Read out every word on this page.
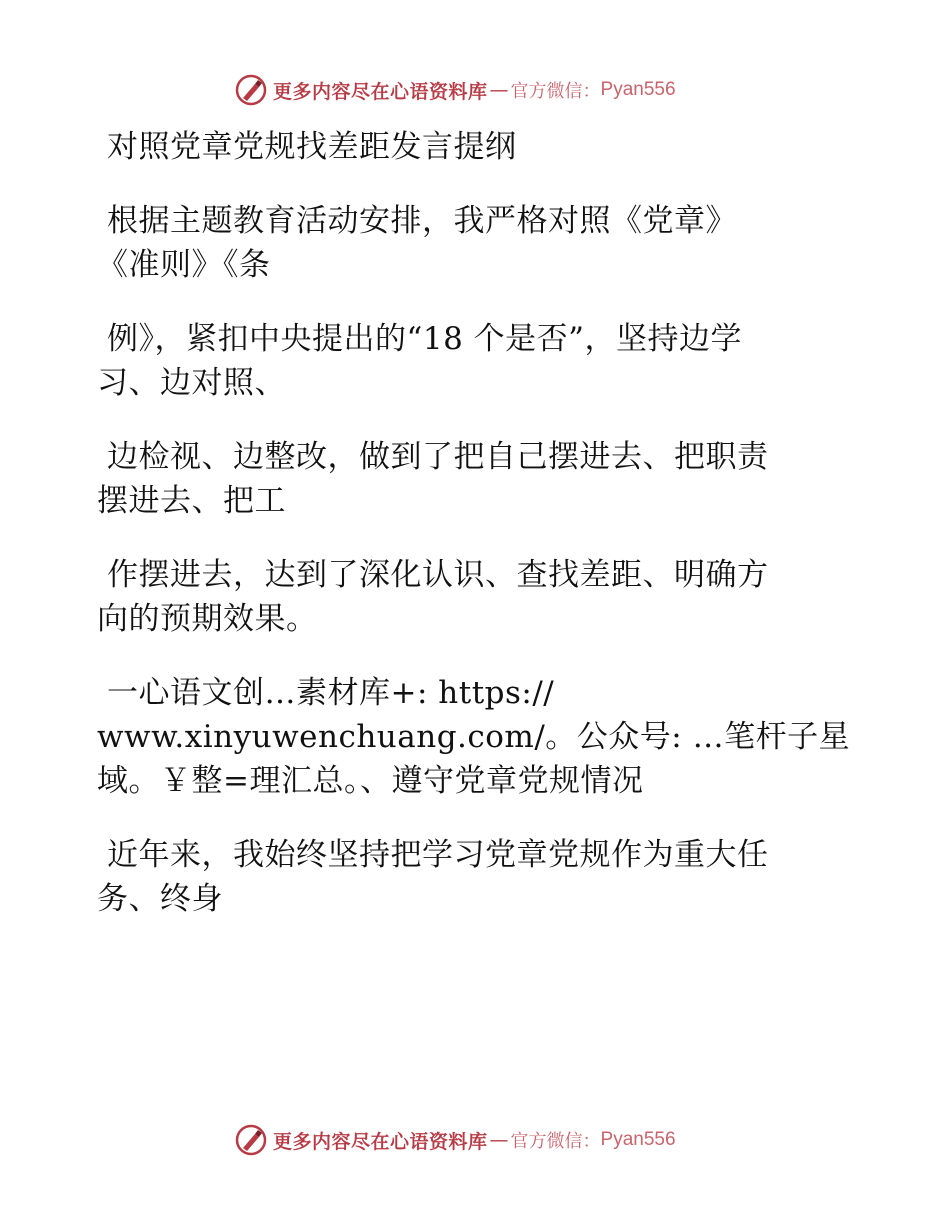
更多内容尽在心语资料库 — 官方微信： Pyan556
对照党章党规找差距发言提纲
根据主题教育活动安排，我严格对照《党章》
《准则》《条
例》，紧扣中央提出的“18 个是否”，坚持边学
习、边对照、
边检视、边整改，做到了把自己摆进去、把职责
摆进去、把工
作摆进去，达到了深化认识、查找差距、明确方
向的预期效果。
一心语文创…素材库+: https://
www.xinyuwenchuang.com/。公众号: …笔杆子星
域。￥整=理汇总。、遵守党章党规情况
近年来，我始终坚持把学习党章党规作为重大任
务、终身
更多内容尽在心语资料库 — 官方微信： Pyan556
